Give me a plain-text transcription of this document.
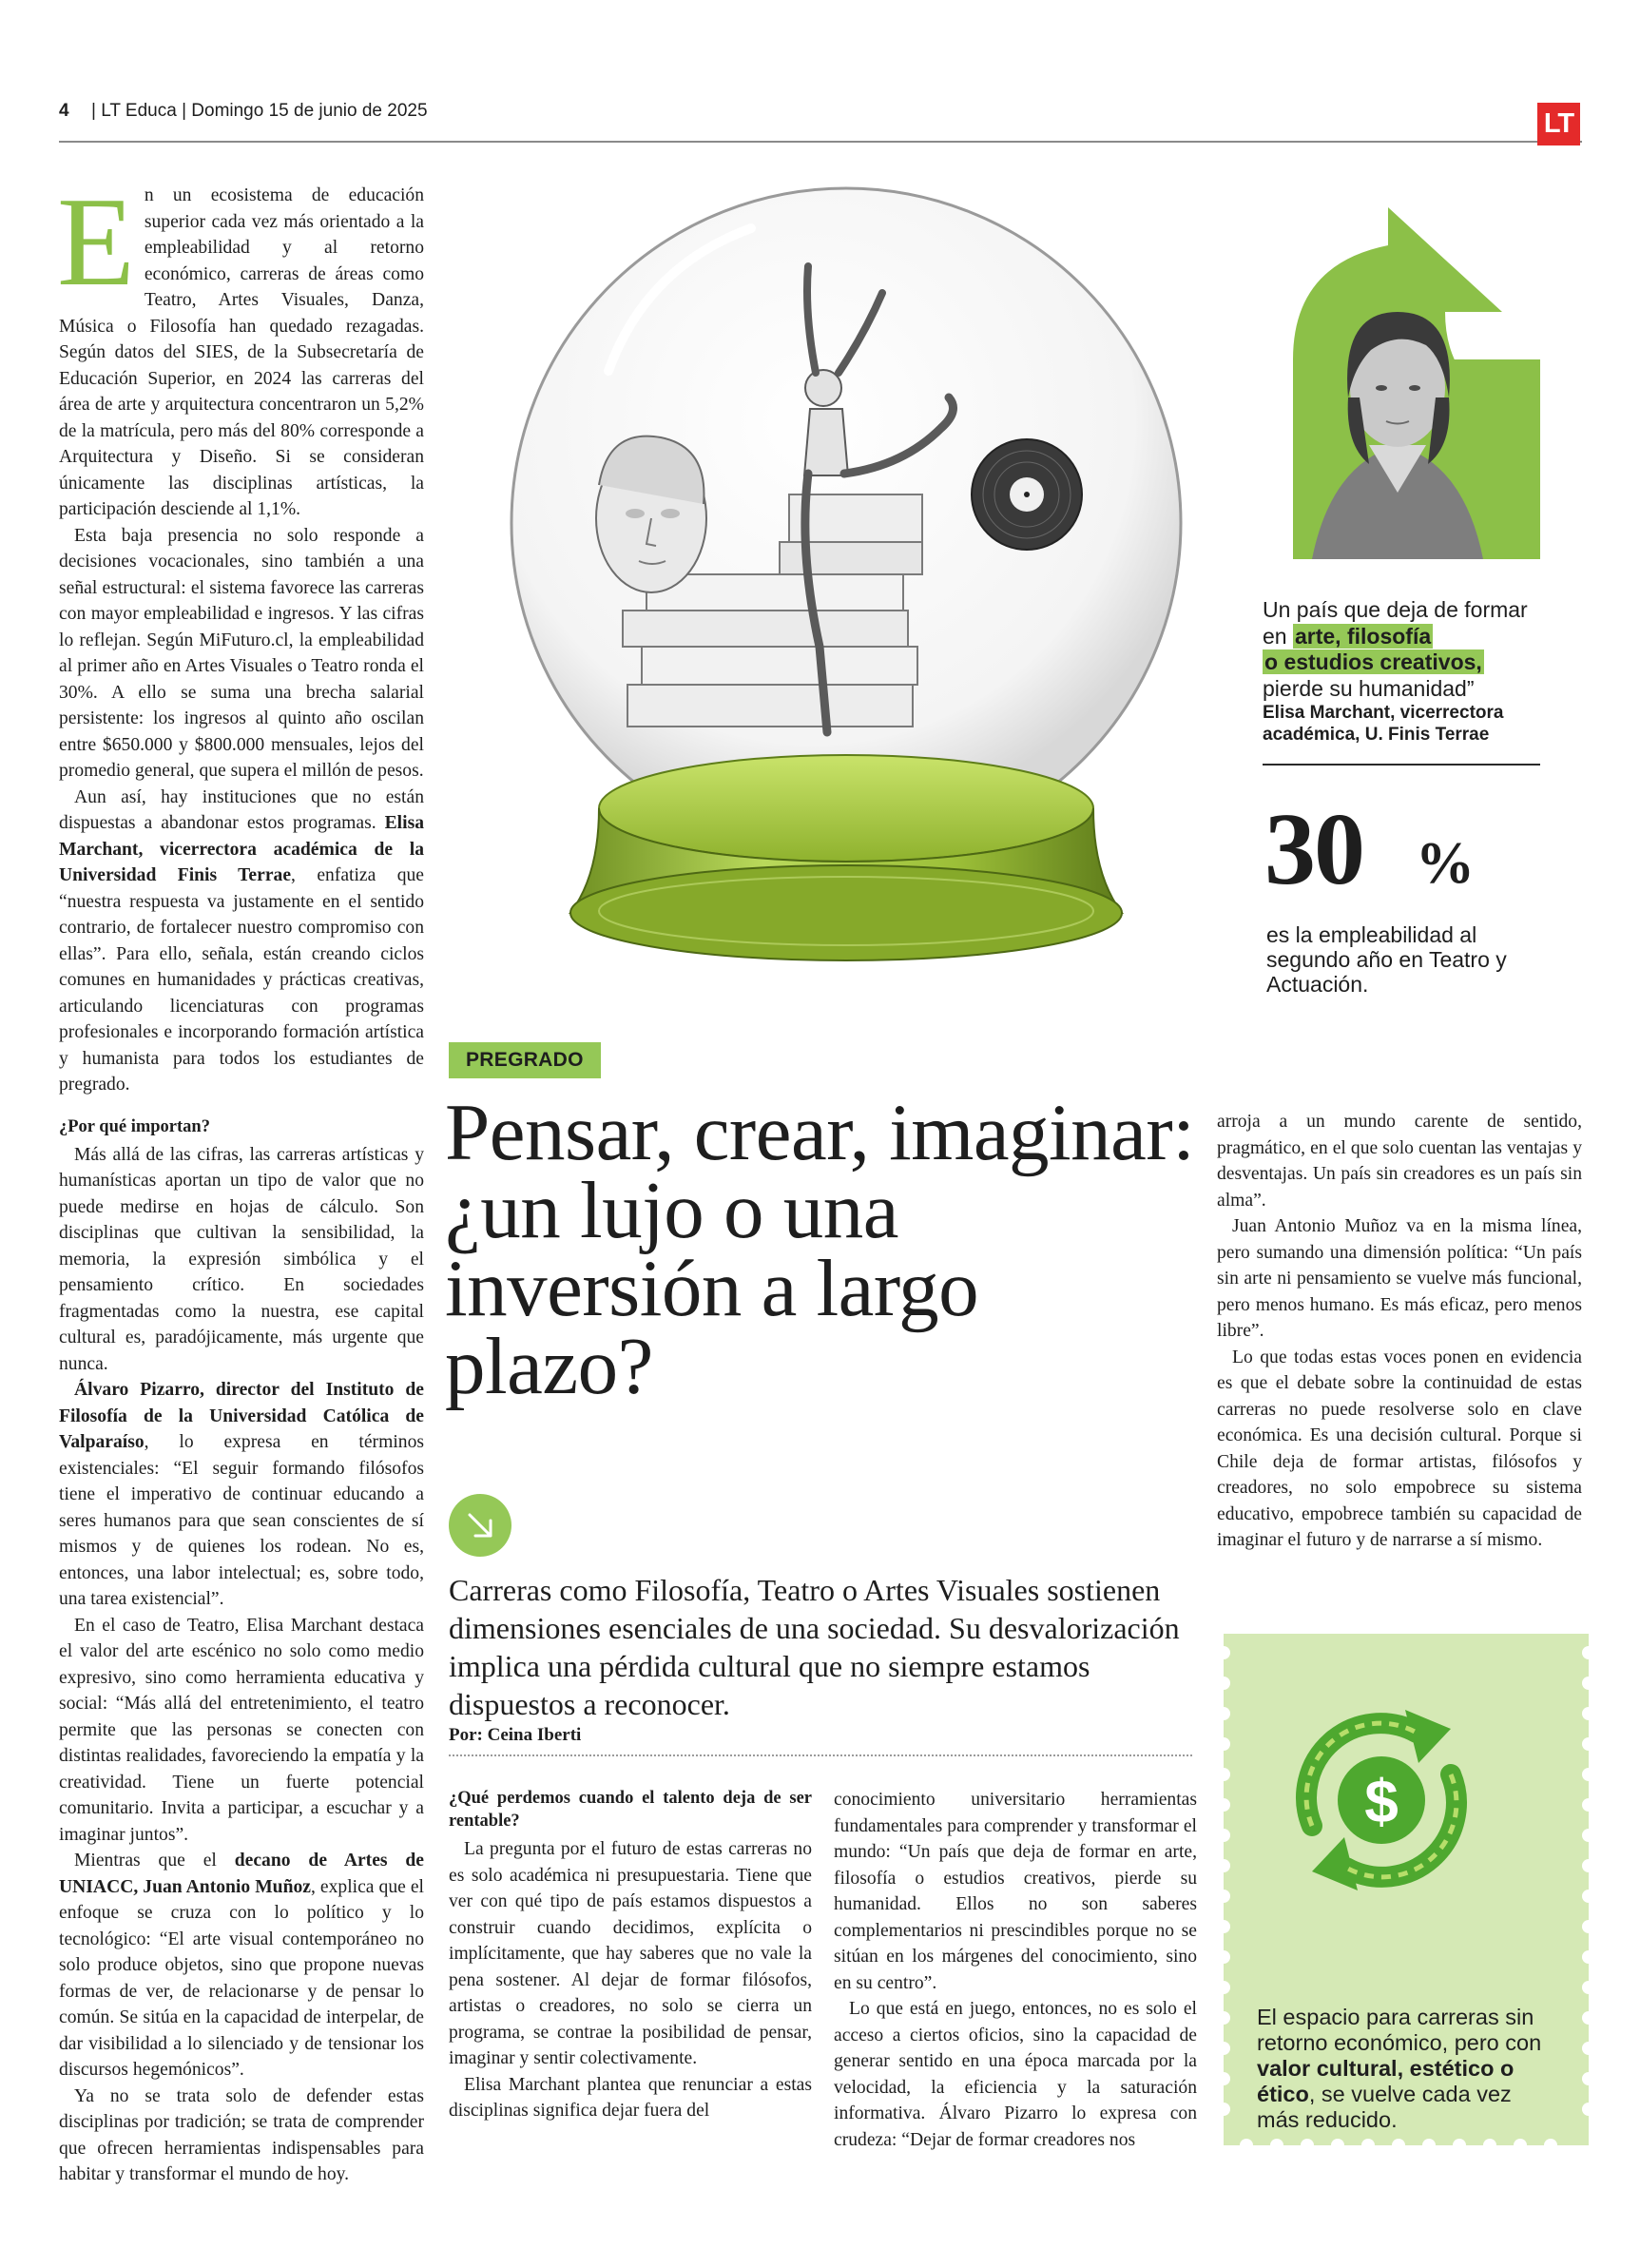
4 | LT Educa | Domingo 15 de junio de 2025	LT

En un ecosistema de educación superior cada vez más orientado a la empleabilidad y al retorno económico, carreras de áreas como Teatro, Artes Visuales, Danza, Música o Filosofía han quedado rezagadas. Según datos del SIES, de la Subsecretaría de Educación Superior, en 2024 las carreras del área de arte y arquitectura concentraron un 5,2% de la matrícula, pero más del 80% corresponde a Arquitectura y Diseño. Si se consideran únicamente las disciplinas artísticas, la participación desciende al 1,1%.

Esta baja presencia no solo responde a decisiones vocacionales, sino también a una señal estructural: el sistema favorece las carreras con mayor empleabilidad e ingresos. Y las cifras lo reflejan. Según MiFuturo.cl, la empleabilidad al primer año en Artes Visuales o Teatro ronda el 30%. A ello se suma una brecha salarial persistente: los ingresos al quinto año oscilan entre $650.000 y $800.000 mensuales, lejos del promedio general, que supera el millón de pesos.

Aun así, hay instituciones que no están dispuestas a abandonar estos programas. Elisa Marchant, vicerrectora académica de la Universidad Finis Terrae, enfatiza que “nuestra respuesta va justamente en el sentido contrario, de fortalecer nuestro compromiso con ellas”. Para ello, señala, están creando ciclos comunes en humanidades y prácticas creativas, articulando licenciaturas con programas profesionales e incorporando formación artística y humanista para todos los estudiantes de pregrado.

¿Por qué importan?

Más allá de las cifras, las carreras artísticas y humanísticas aportan un tipo de valor que no puede medirse en hojas de cálculo. Son disciplinas que cultivan la sensibilidad, la memoria, la expresión simbólica y el pensamiento crítico. En sociedades fragmentadas como la nuestra, ese capital cultural es, paradójicamente, más urgente que nunca.

Álvaro Pizarro, director del Instituto de Filosofía de la Universidad Católica de Valparaíso, lo expresa en términos existenciales: “El seguir formando filósofos tiene el imperativo de continuar educando a seres humanos para que sean conscientes de sí mismos y de quienes los rodean. No es, entonces, una labor intelectual; es, sobre todo, una tarea existencial”.

En el caso de Teatro, Elisa Marchant destaca el valor del arte escénico no solo como medio expresivo, sino como herramienta educativa y social: “Más allá del entretenimiento, el teatro permite que las personas se conecten con distintas realidades, favoreciendo la empatía y la creatividad. Tiene un fuerte potencial comunitario. Invita a participar, a escuchar y a imaginar juntos”.

Mientras que el decano de Artes de UNIACC, Juan Antonio Muñoz, explica que el enfoque se cruza con lo político y lo tecnológico: “El arte visual contemporáneo no solo produce objetos, sino que propone nuevas formas de ver, de relacionarse y de pensar lo común. Se sitúa en la capacidad de interpelar, de dar visibilidad a lo silenciado y de tensionar los discursos hegemónicos”.

Ya no se trata solo de defender estas disciplinas por tradición; se trata de comprender que ofrecen herramientas indispensables para habitar y transformar el mundo de hoy.

Un país que deja de formar en arte, filosofía
o estudios creativos,
pierde su humanidad”
Elisa Marchant, vicerrectora
académica, U. Finis Terrae
30 %
es la empleabilidad al segundo año en Teatro y Actuación.
PREGRADO
Pensar, crear, imaginar: ¿un lujo o una inversión a largo plazo?
Carreras como Filosofía, Teatro o Artes Visuales sostienen dimensiones esenciales de una sociedad. Su desvalorización implica una pérdida cultural que no siempre estamos dispuestos a reconocer.
Por: Ceina Iberti

¿Qué perdemos cuando el talento deja de ser rentable?

La pregunta por el futuro de estas carreras no es solo académica ni presupuestaria. Tiene que ver con qué tipo de país estamos dispuestos a construir cuando decidimos, explícita o implícitamente, que hay saberes que no vale la pena sostener. Al dejar de formar filósofos, artistas o creadores, no solo se cierra un programa, se contrae la posibilidad de pensar, imaginar y sentir colectivamente.

Elisa Marchant plantea que renunciar a estas disciplinas significa dejar fuera del

conocimiento universitario herramientas fundamentales para comprender y transformar el mundo: “Un país que deja de formar en arte, filosofía o estudios creativos, pierde su humanidad. Ellos no son saberes complementarios ni prescindibles porque no se sitúan en los márgenes del conocimiento, sino en su centro”.

Lo que está en juego, entonces, no es solo el acceso a ciertos oficios, sino la capacidad de generar sentido en una época marcada por la velocidad, la eficiencia y la saturación informativa. Álvaro Pizarro lo expresa con crudeza: “Dejar de formar creadores nos

arroja a un mundo carente de sentido, pragmático, en el que solo cuentan las ventajas y desventajas. Un país sin creadores es un país sin alma”.

Juan Antonio Muñoz va en la misma línea, pero sumando una dimensión política: “Un país sin arte ni pensamiento se vuelve más funcional, pero menos humano. Es más eficaz, pero menos libre”.

Lo que todas estas voces ponen en evidencia es que el debate sobre la continuidad de estas carreras no puede resolverse solo en clave económica. Es una decisión cultural. Porque si Chile deja de formar artistas, filósofos y creadores, no solo empobrece su sistema educativo, empobrece también su capacidad de imaginar el futuro y de narrarse a sí mismo.

$
El espacio para carreras sin retorno económico, pero con valor cultural, estético o ético, se vuelve cada vez más reducido.
